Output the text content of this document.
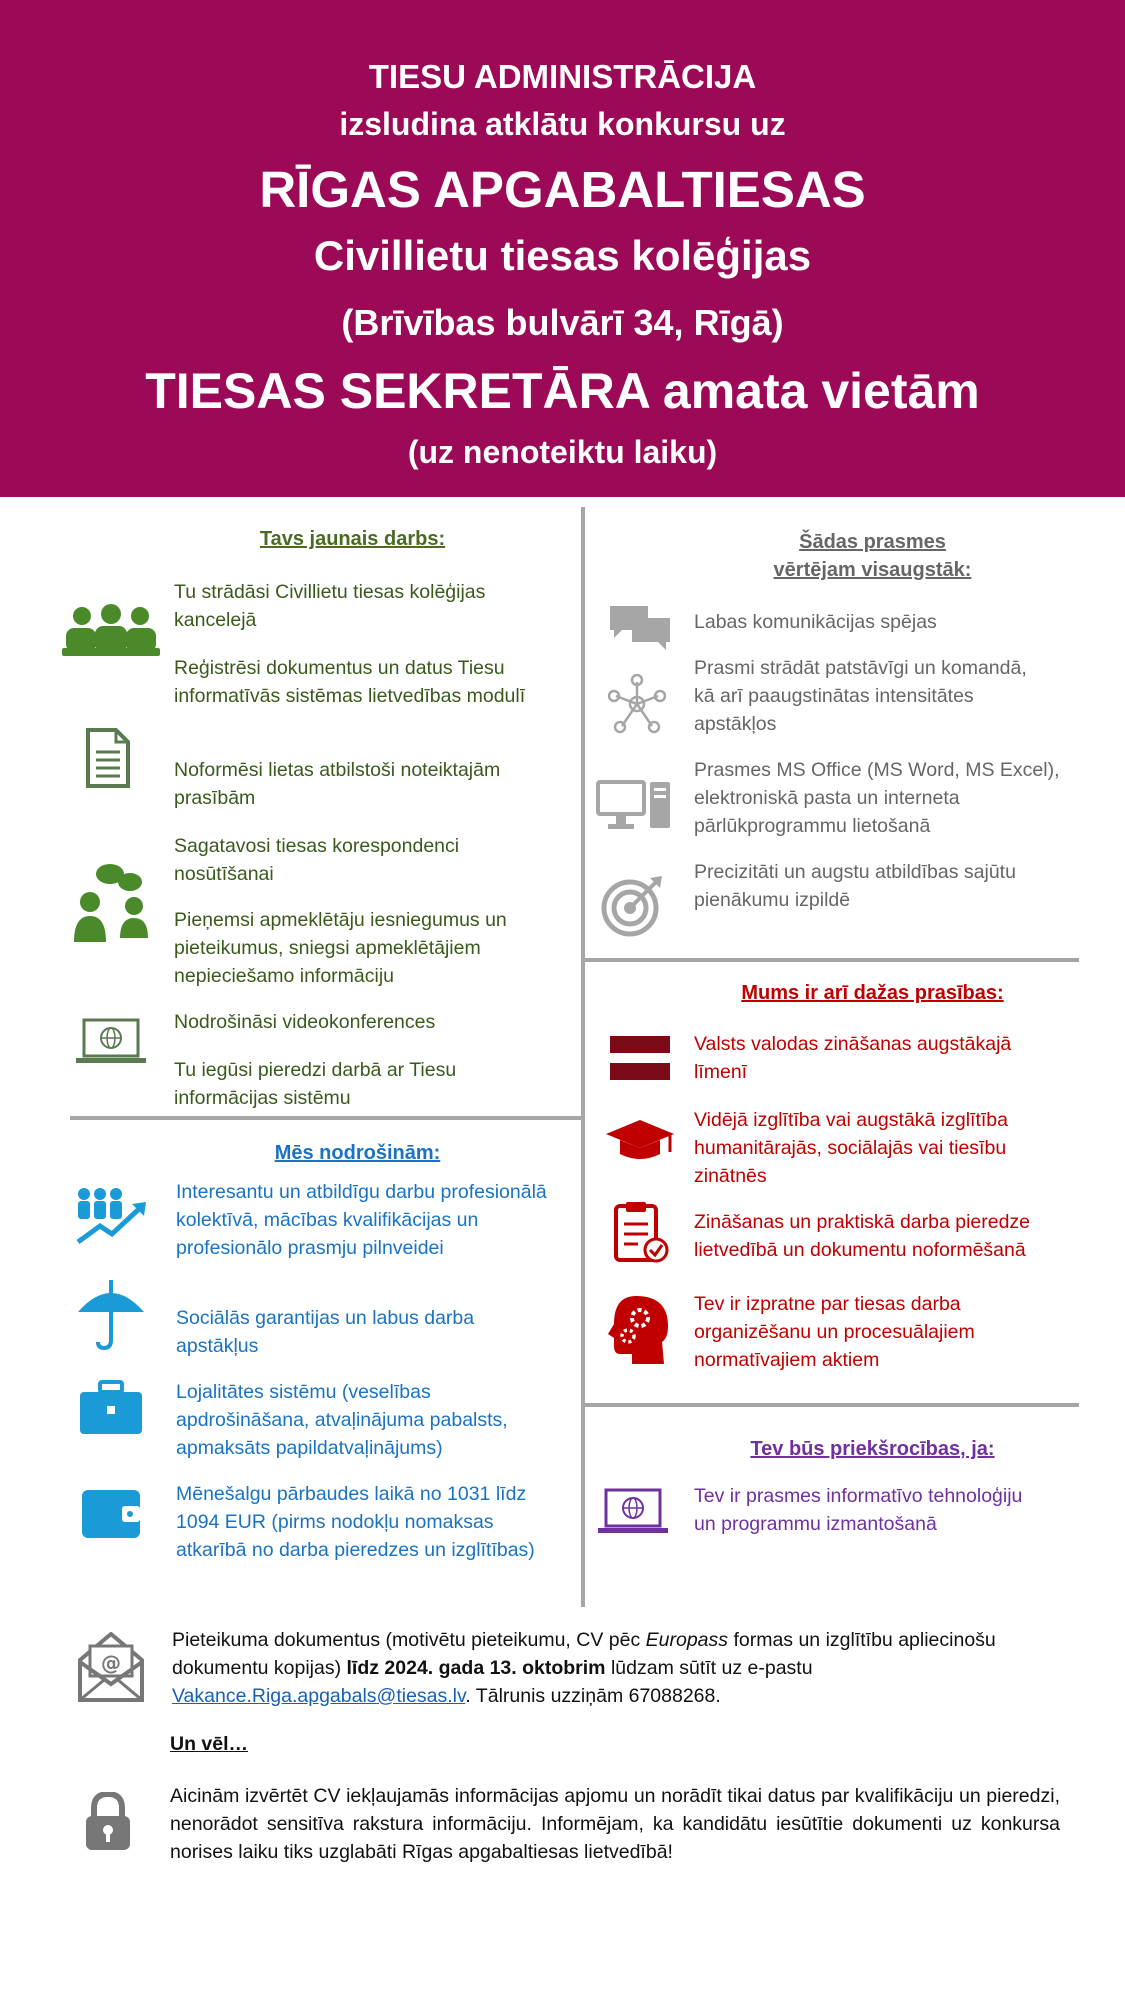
TIESU ADMINISTRĀCIJA
izsludina atklātu konkursu uz
RĪGAS APGABALTIESAS
Civillietu tiesas kolēģijas
(Brīvības bulvārī 34, Rīgā)
TIESAS SEKRETĀRA amata vietām
(uz nenoteiktu laiku)
Tavs jaunais darbs:
Tu strādāsi Civillietu tiesas kolēģijas kancelejā
Reģistrēsi dokumentus un datus Tiesu informatīvās sistēmas lietvedības modulī
Noformēsi lietas atbilstoši noteiktajām prasībām
Sagatavosi tiesas korespondenci nosūtīšanai
Pieņemsi apmeklētāju iesniegumus un pieteikumus, sniegsi apmeklētājiem nepieciešamo informāciju
Nodrošināsi videokonferences
Tu iegūsi pieredzi darbā ar Tiesu informācijas sistēmu
Mēs nodrošinām:
Interesantu un atbildīgu darbu profesionālā kolektīvā, mācības kvalifikācijas un profesionālo prasmju pilnveidei
Sociālās garantijas un labus darba apstākļus
Lojalitātes sistēmu (veselības apdrošināšana, atvaļinājuma pabalsts, apmaksāts papildatvaļinājums)
Mēnešalgu pārbaudes laikā no 1031 līdz 1094 EUR (pirms nodokļu nomaksas atkarībā no darba pieredzes un izglītības)
Šādas prasmes
vērtējam visaugstāk:
Labas komunikācijas spējas
Prasmi strādāt patstāvīgi un komandā, kā arī paaugstinātas intensitātes apstākļos
Prasmes MS Office (MS Word, MS Excel), elektroniskā pasta un interneta pārlūkprogrammu lietošanā
Precizitāti un augstu atbildības sajūtu pienākumu izpildē
Mums ir arī dažas prasības:
Valsts valodas zināšanas augstākajā līmenī
Vidējā izglītība vai augstākā izglītība humanitārajās, sociālajās vai tiesību zinātnēs
Zināšanas un praktiskā darba pieredze lietvedībā un dokumentu noformēšanā
Tev ir izpratne par tiesas darba organizēšanu un procesuālajiem normatīvajiem aktiem
Tev būs priekšrocības, ja:
Tev ir prasmes informatīvo tehnoloģiju un programmu izmantošanā
@
Pieteikuma dokumentus (motivētu pieteikumu, CV pēc Europass formas un izglītību apliecinošu dokumentu kopijas) līdz 2024. gada 13. oktobrim lūdzam sūtīt uz e-pastu Vakance.Riga.apgabals@tiesas.lv. Tālrunis uzziņām 67088268.
Un vēl…
Aicinām izvērtēt CV iekļaujamās informācijas apjomu un norādīt tikai datus par kvalifikāciju un pieredzi, nenorādot sensitīva rakstura informāciju. Informējam, ka kandidātu iesūtītie dokumenti uz konkursa norises laiku tiks uzglabāti Rīgas apgabaltiesas lietvedībā!
